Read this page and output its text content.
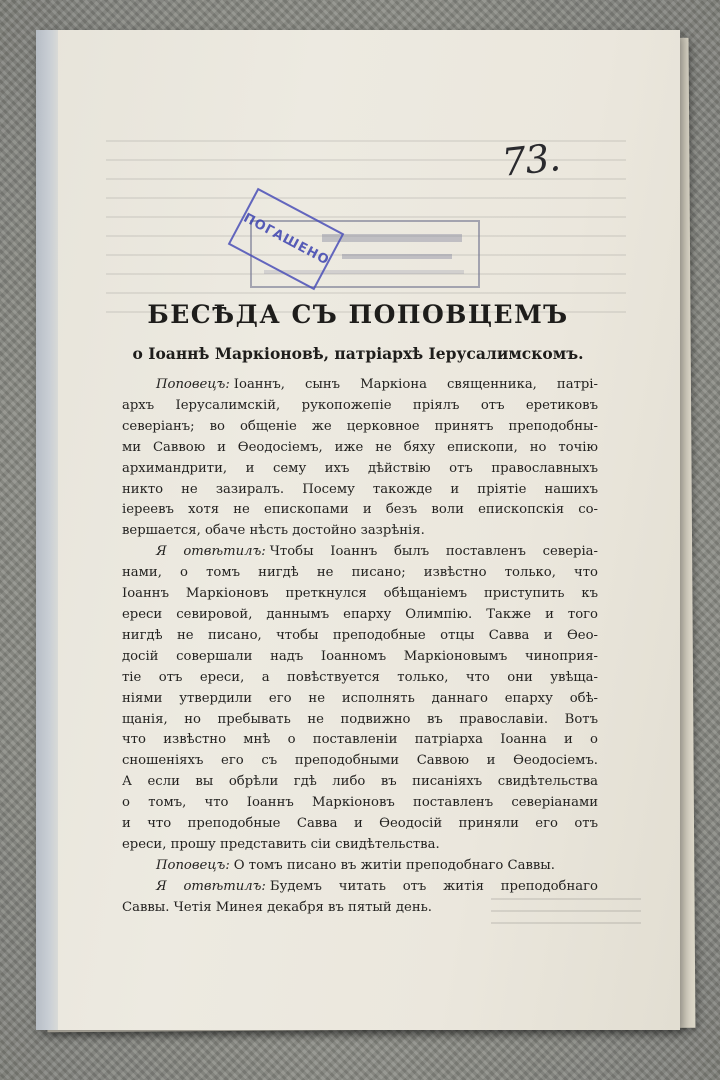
73.
ПОГАШЕНО
БЕСѢДА СЪ ПОПОВЦЕМЪ
о Іоаннѣ Маркіоновѣ, патріархѣ Іерусалимскомъ.
Поповецъ: Іоаннъ, сынъ Маркіона священника, патрі-
архъ Іерусалимскій, рукопожепіе пріялъ отъ еретиковъ
северіанъ; во общеніе же церковное принятъ преподобны-
ми Саввою и Ѳеодосіемъ, иже не бяху епископи, но точію
архимандрити, и сему ихъ дѣйствію отъ православныхъ
никто не зазиралъ. Посему такожде и пріятіе нашихъ
іереевъ хотя не епископами и безъ воли епископскія со-
вершается, обаче нѣсть достойно зазрѣнія.
Я отвѣтилъ: Чтобы Іоаннъ былъ поставленъ северіа-
нами, о томъ нигдѣ не писано; извѣстно только, что
Іоаннъ Маркіоновъ преткнулся обѣщаніемъ приступить къ
ереси севировой, даннымъ епарху Олимпію. Также и того
нигдѣ не писано, чтобы преподобные отцы Савва и Ѳео-
досій совершали надъ Іоанномъ Маркіоновымъ чиноприя-
тіе отъ ереси, а повѣствуется только, что они увѣща-
ніями утвердили его не исполнять даннаго епарху обѣ-
щанія, но пребывать не подвижно въ православіи. Вотъ
что извѣстно мнѣ о поставленіи патріарха Іоанна и о
сношеніяхъ его съ преподобными Саввою и Ѳеодосіемъ.
А если вы обрѣли гдѣ либо въ писаніяхъ свидѣтельства
о томъ, что Іоаннъ Маркіоновъ поставленъ северіанами
и что преподобные Савва и Ѳеодосій приняли его отъ
ереси, прошу представить сіи свидѣтельства.
Поповецъ: О томъ писано въ житіи преподобнаго Саввы.
Я отвѣтилъ: Будемъ читать отъ житія преподобнаго
Саввы. Четія Минея декабря въ пятый день.
